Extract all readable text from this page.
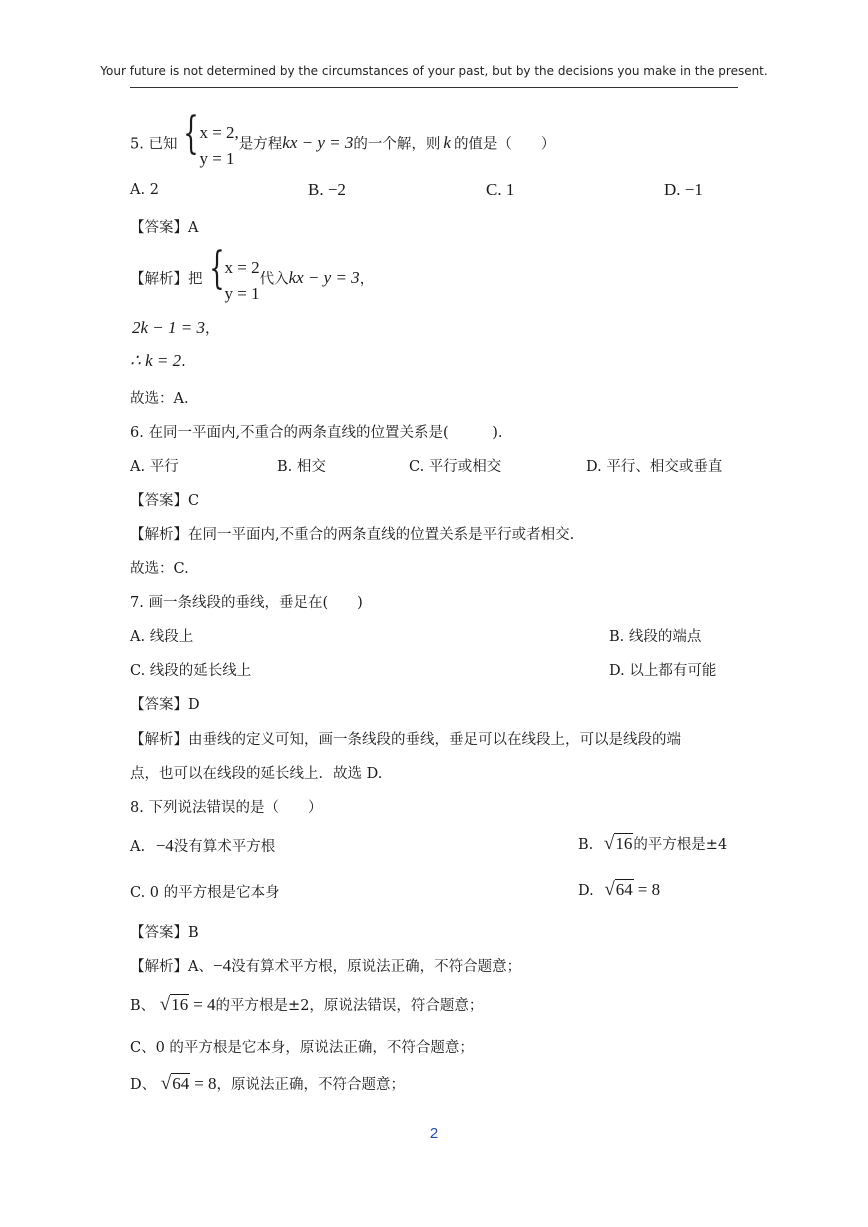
Your future is not determined by the circumstances of your past, but by the decisions you make in the present.
5. 已知 { x = 2,
y = 1
是方程kx − y = 3的一个解，则 k 的值是（　　）
A. 2	B. −2	C. 1	D. −1
【答案】A
【解析】把 { x = 2
y = 1
代入kx − y = 3，
2k − 1 = 3，
∴ k = 2.
故选：A.
6. 在同一平面内,不重合的两条直线的位置关系是(　　　).
A. 平行	B. 相交	C. 平行或相交	D. 平行、相交或垂直
【答案】C
【解析】在同一平面内,不重合的两条直线的位置关系是平行或者相交.
故选：C.
7. 画一条线段的垂线，垂足在(　　)
A. 线段上	B. 线段的端点
C. 线段的延长线上	D. 以上都有可能
【答案】D
【解析】由垂线的定义可知，画一条线段的垂线，垂足可以在线段上，可以是线段的端
点，也可以在线段的延长线上．故选 D.
8. 下列说法错误的是（　　）
A. −4没有算术平方根	B. √16的平方根是±4
C. 0 的平方根是它本身	D. √64 = 8
【答案】B
【解析】A、−4没有算术平方根，原说法正确，不符合题意；
B、 √16 = 4的平方根是±2，原说法错误，符合题意；
C、0 的平方根是它本身，原说法正确，不符合题意；
D、 √64 = 8，原说法正确，不符合题意；
2
